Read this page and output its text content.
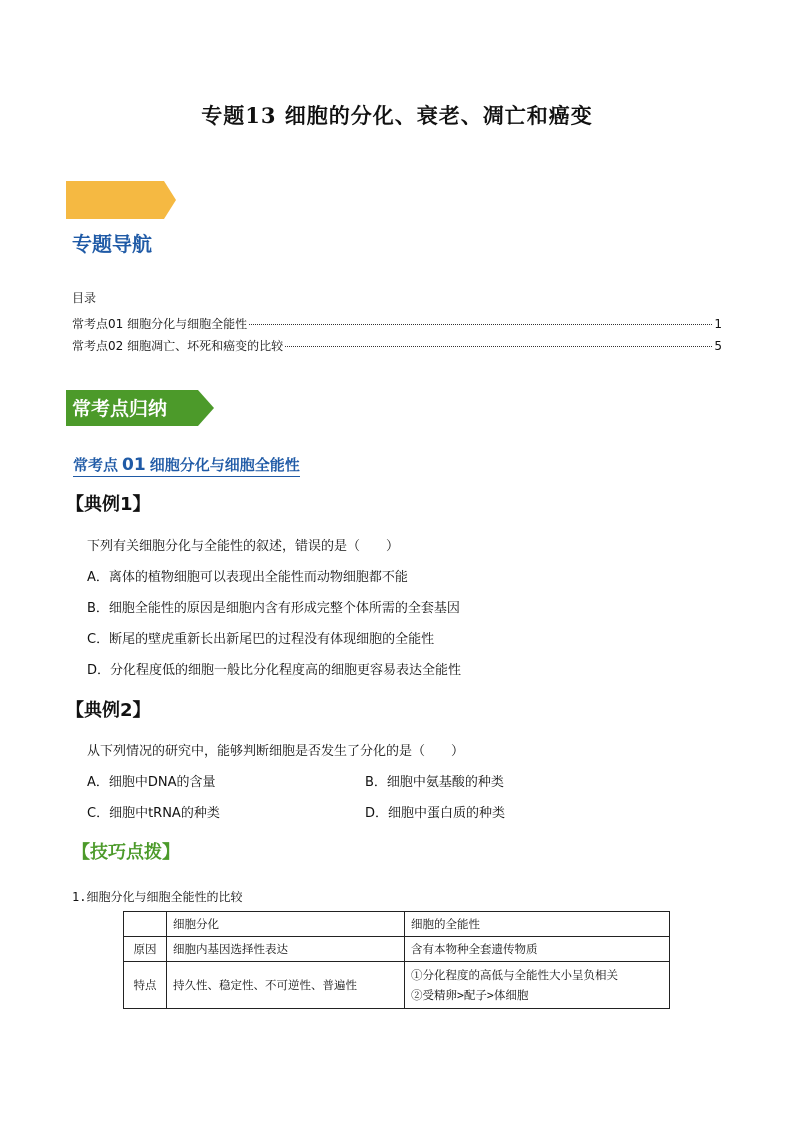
专题13 细胞的分化、衰老、凋亡和癌变
专题导航
目录
常考点01 细胞分化与细胞全能性	1
常考点02 细胞凋亡、坏死和癌变的比较	5
常考点归纳
常考点 01 细胞分化与细胞全能性
【典例1】
下列有关细胞分化与全能性的叙述，错误的是（　　）
A．离体的植物细胞可以表现出全能性而动物细胞都不能
B．细胞全能性的原因是细胞内含有形成完整个体所需的全套基因
C．断尾的壁虎重新长出新尾巴的过程没有体现细胞的全能性
D．分化程度低的细胞一般比分化程度高的细胞更容易表达全能性
【典例2】
从下列情况的研究中，能够判断细胞是否发生了分化的是（　　）
A．细胞中DNA的含量	B．细胞中氨基酸的种类
C．细胞中tRNA的种类	D．细胞中蛋白质的种类
【技巧点拨】
1.细胞分化与细胞全能性的比较
	细胞分化	细胞的全能性
原因	细胞内基因选择性表达	含有本物种全套遗传物质
特点	持久性、稳定性、不可逆性、普遍性	①分化程度的高低与全能性大小呈负相关
②受精卵>配子>体细胞
